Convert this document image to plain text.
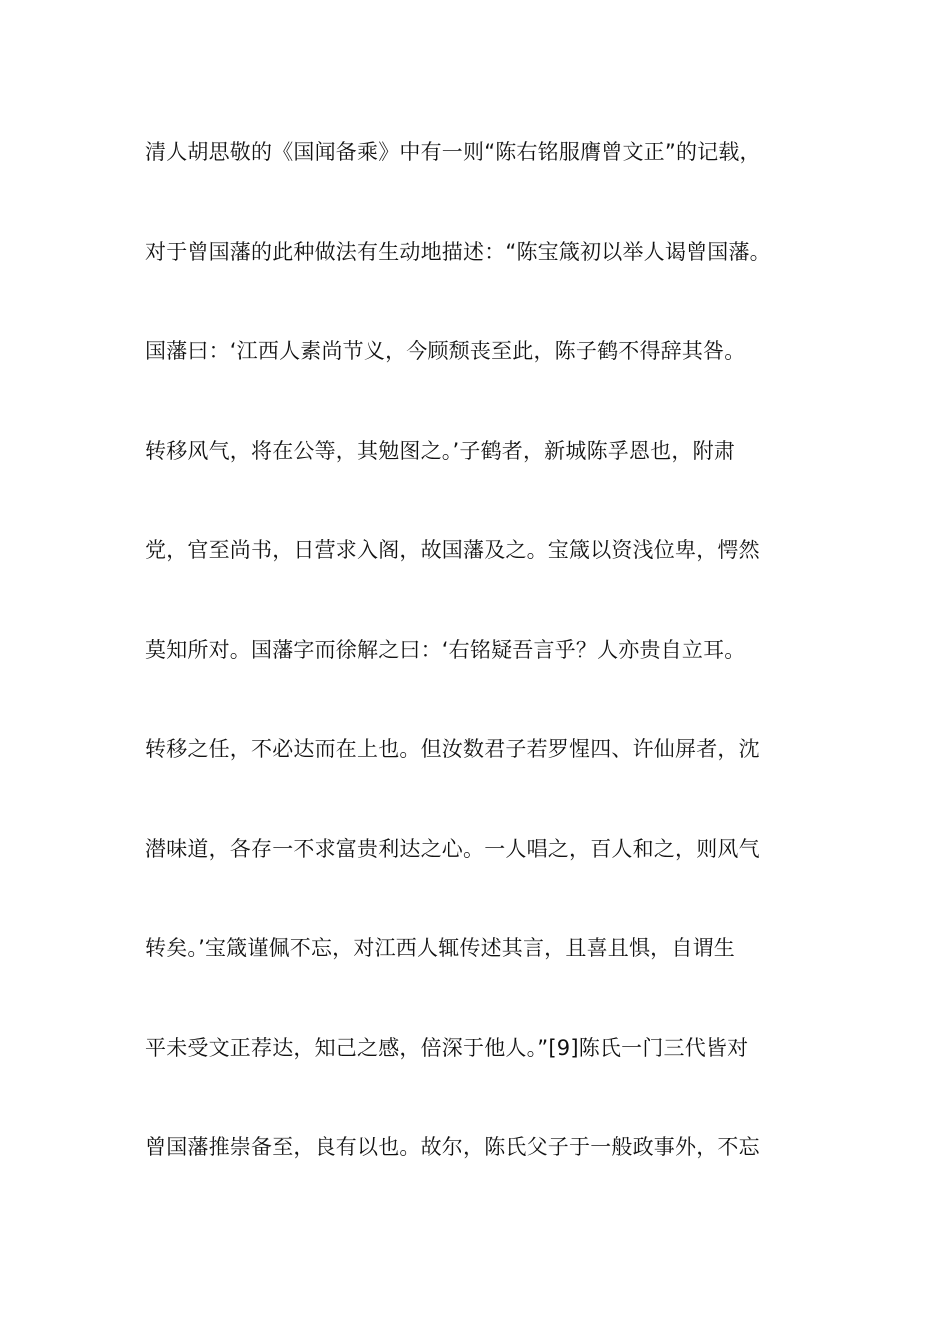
清人胡思敬的《国闻备乘》中有一则“陈右铭服膺曾文正”的记载，
对于曾国藩的此种做法有生动地描述：“陈宝箴初以举人谒曾国藩。
国藩曰：‘江西人素尚节义，今顾颓丧至此，陈子鹤不得辞其咎。
转移风气，将在公等，其勉图之。’子鹤者，新城陈孚恩也，附肃
党，官至尚书，日营求入阁，故国藩及之。宝箴以资浅位卑，愕然
莫知所对。国藩字而徐解之曰：‘右铭疑吾言乎？人亦贵自立耳。
转移之任，不必达而在上也。但汝数君子若罗惺四、许仙屏者，沈
潜味道，各存一不求富贵利达之心。一人唱之，百人和之，则风气
转矣。’宝箴谨佩不忘，对江西人辄传述其言，且喜且惧，自谓生
平未受文正荐达，知己之感，倍深于他人。”[9]陈氏一门三代皆对
曾国藩推崇备至，良有以也。故尔，陈氏父子于一般政事外，不忘
